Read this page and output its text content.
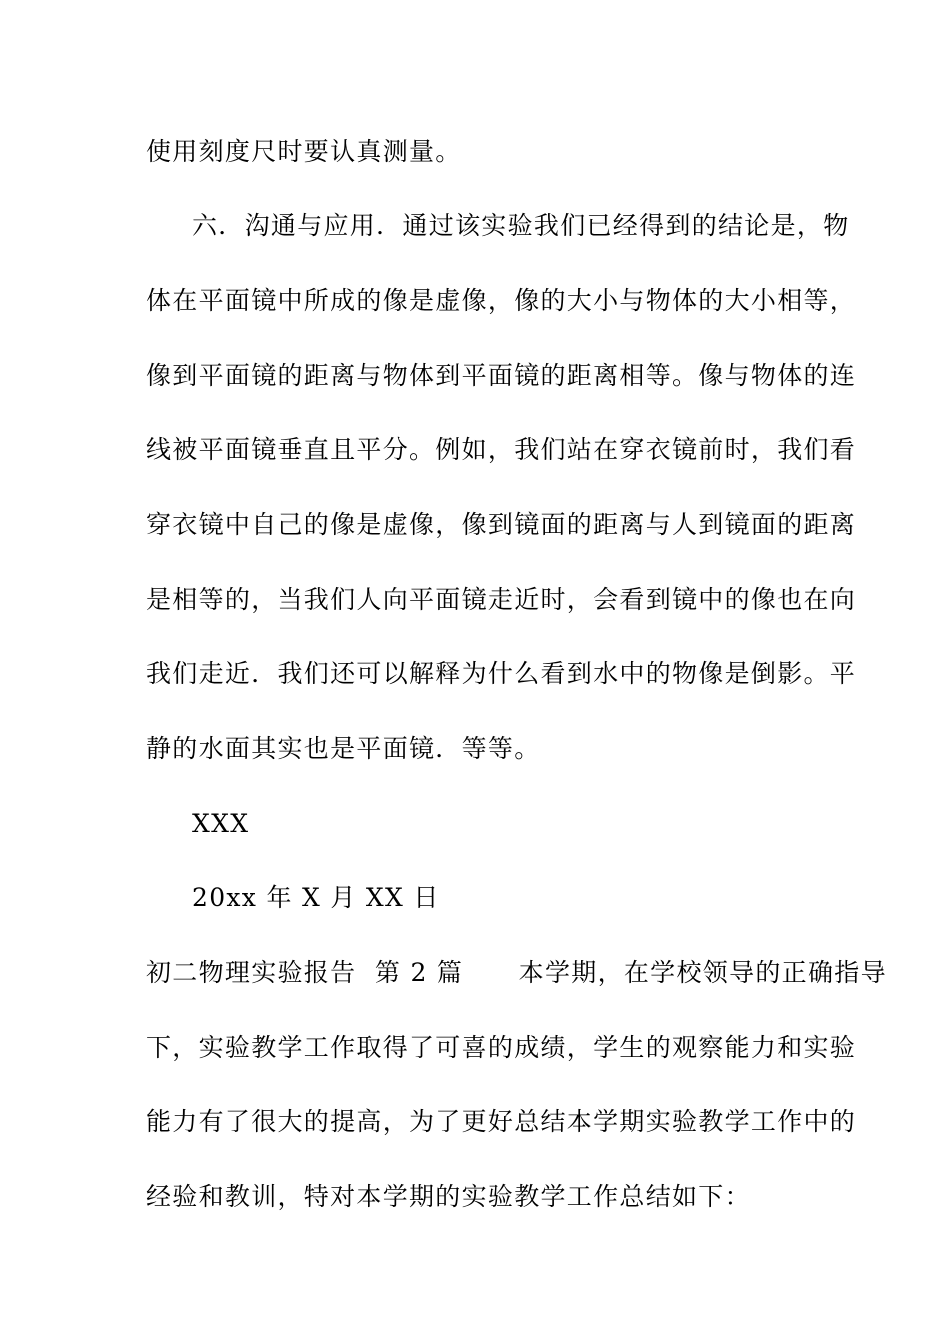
使用刻度尺时要认真测量。
六．沟通与应用．通过该实验我们已经得到的结论是，物
体在平面镜中所成的像是虚像，像的大小与物体的大小相等，
像到平面镜的距离与物体到平面镜的距离相等。像与物体的连
线被平面镜垂直且平分。例如，我们站在穿衣镜前时，我们看
穿衣镜中自己的像是虚像，像到镜面的距离与人到镜面的距离
是相等的，当我们人向平面镜走近时，会看到镜中的像也在向
我们走近．我们还可以解释为什么看到水中的物像是倒影。平
静的水面其实也是平面镜．等等。
XXX
20xx 年 X 月 XX 日
初二物理实验报告  第 2 篇      本学期，在学校领导的正确指导
下，实验教学工作取得了可喜的成绩，学生的观察能力和实验
能力有了很大的提高，为了更好总结本学期实验教学工作中的
经验和教训，特对本学期的实验教学工作总结如下：
